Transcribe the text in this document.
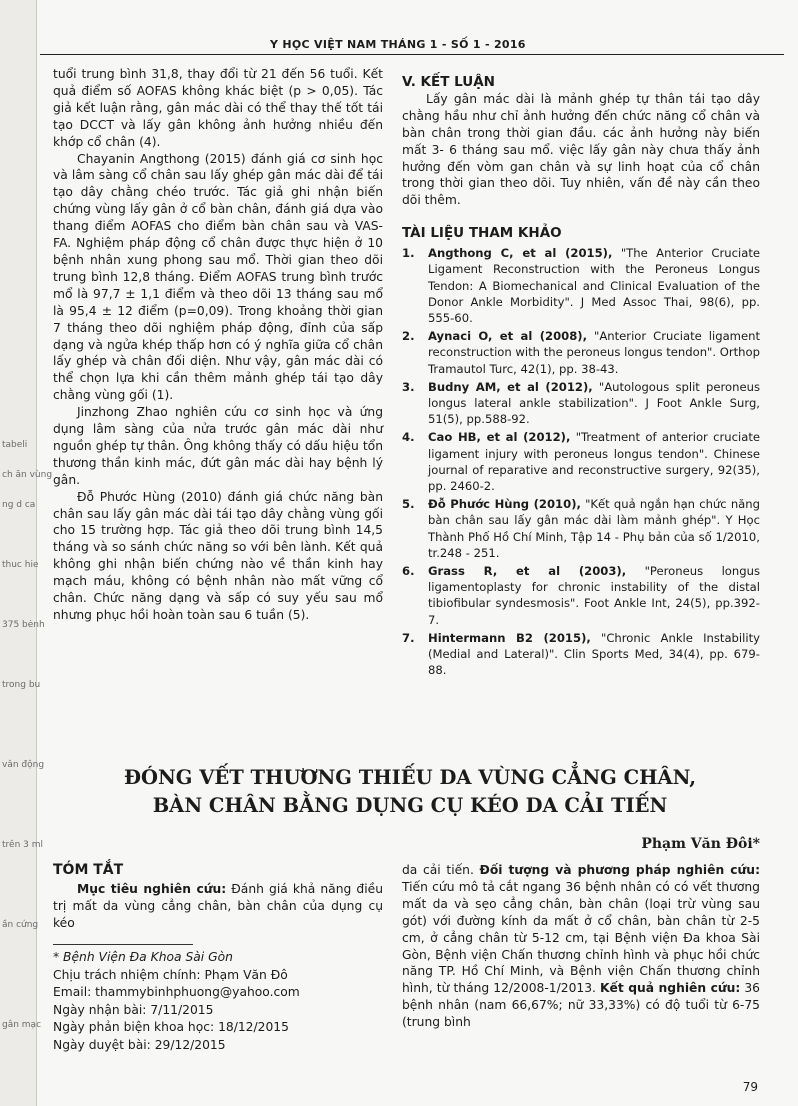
tabeli
ch ăn vùng
ng d ca
thuc hie
375 bėnh
trong bu
vân động
trên 3 ml
ần cứng
gân mạc
Y HỌC VIỆT NAM THÁNG 1 - SỐ 1 - 2016

tuổi trung bình 31,8, thay đổi từ 21 đến 56 tuổi. Kết quả điểm số AOFAS không khác biệt (p > 0,05). Tác giả kết luận rằng, gân mác dài có thể thay thế tốt tái tạo DCCT và lấy gân không ảnh hưởng nhiều đến khớp cổ chân (4).

Chayanin Angthong (2015) đánh giá cơ sinh học và lâm sàng cổ chân sau lấy ghép gân mác dài để tái tạo dây chằng chéo trước. Tác giả ghi nhận biến chứng vùng lấy gân ở cổ bàn chân, đánh giá dựa vào thang điểm AOFAS cho điểm bàn chân sau và VAS-FA. Nghiệm pháp động cổ chân được thực hiện ở 10 bệnh nhân xung phong sau mổ. Thời gian theo dõi trung bình 12,8 tháng. Điểm AOFAS trung bình trước mổ là 97,7 ± 1,1 điểm và theo dõi 13 tháng sau mổ là 95,4 ± 12 điểm (p=0,09). Trong khoảng thời gian 7 tháng theo dõi nghiệm pháp động, đỉnh của sấp dạng và ngửa khép thấp hơn có ý nghĩa giữa cổ chân lấy ghép và chân đối diện. Như vậy, gân mác dài có thể chọn lựa khi cần thêm mảnh ghép tái tạo dây chằng vùng gối (1).

Jinzhong Zhao nghiên cứu cơ sinh học và ứng dụng lâm sàng của nửa trước gân mác dài như nguồn ghép tự thân. Ông không thấy có dấu hiệu tổn thương thần kinh mác, đứt gân mác dài hay bệnh lý gân.

Đỗ Phước Hùng (2010) đánh giá chức năng bàn chân sau lấy gân mác dài tái tạo dây chằng vùng gối cho 15 trường hợp. Tác giả theo dõi trung bình 14,5 tháng và so sánh chức năng so với bên lành. Kết quả không ghi nhận biến chứng nào về thần kinh hay mạch máu, không có bệnh nhân nào mất vững cổ chân. Chức năng dạng và sấp có suy yếu sau mổ nhưng phục hồi hoàn toàn sau 6 tuần (5).

V. KẾT LUẬN

Lấy gân mác dài là mảnh ghép tự thân tái tạo dây chằng hầu như chỉ ảnh hưởng đến chức năng cổ chân và bàn chân trong thời gian đầu. các ảnh hưởng này biến mất 3- 6 tháng sau mổ. việc lấy gân này chưa thấy ảnh hưởng đến vòm gan chân và sự linh hoạt của cổ chân trong thời gian theo dõi. Tuy nhiên, vấn đề này cần theo dõi thêm.

TÀI LIỆU THAM KHẢO
1. Angthong C, et al (2015), "The Anterior Cruciate Ligament Reconstruction with the Peroneus Longus Tendon: A Biomechanical and Clinical Evaluation of the Donor Ankle Morbidity". J Med Assoc Thai, 98(6), pp. 555-60.
2. Aynaci O, et al (2008), "Anterior Cruciate ligament reconstruction with the peroneus longus tendon". Orthop Tramautol Turc, 42(1), pp. 38-43.
3. Budny AM, et al (2012), "Autologous split peroneus longus lateral ankle stabilization". J Foot Ankle Surg, 51(5), pp.588-92.
4. Cao HB, et al (2012), "Treatment of anterior cruciate ligament injury with peroneus longus tendon". Chinese journal of reparative and reconstructive surgery, 92(35), pp. 2460-2.
5. Đỗ Phước Hùng (2010), "Kết quả ngắn hạn chức năng bàn chân sau lấy gân mác dài làm mảnh ghép". Y Học Thành Phố Hồ Chí Minh, Tập 14 - Phụ bản của số 1/2010, tr.248 - 251.
6. Grass R, et al (2003), "Peroneus longus ligamentoplasty for chronic instability of the distal tibiofibular syndesmosis". Foot Ankle Int, 24(5), pp.392-7.
7. Hintermann B2 (2015), "Chronic Ankle Instability (Medial and Lateral)". Clin Sports Med, 34(4), pp. 679-88.
ĐÓNG VẾT THƯƠNG THIẾU DA VÙNG CẲNG CHÂN,
BÀN CHÂN BẰNG DỤNG CỤ KÉO DA CẢI TIẾN
Phạm Văn Đôi*
TÓM TẮT

Mục tiêu nghiên cứu: Đánh giá khả năng điều trị mất da vùng cẳng chân, bàn chân của dụng cụ kéo

da cải tiến. Đối tượng và phương pháp nghiên cứu: Tiến cứu mô tả cắt ngang 36 bệnh nhân có có vết thương mất da và sẹo cẳng chân, bàn chân (loại trừ vùng sau gót) với đường kính da mất ở cổ chân, bàn chân từ 2-5 cm, ở cẳng chân từ 5-12 cm, tại Bệnh viện Đa khoa Sài Gòn, Bệnh viện Chấn thương chỉnh hình và phục hồi chức năng TP. Hồ Chí Minh, và Bệnh viện Chấn thương chỉnh hình, từ tháng 12/2008-1/2013. Kết quả nghiên cứu: 36 bệnh nhân (nam 66,67%; nữ 33,33%) có độ tuổi từ 6-75 (trung bình

* Bệnh Viện Đa Khoa Sài Gòn
Chịu trách nhiệm chính: Phạm Văn Đô
Email: thammybinhphuong@yahoo.com
Ngày nhận bài: 7/11/2015
Ngày phản biện khoa học: 18/12/2015
Ngày duyệt bài: 29/12/2015
79
